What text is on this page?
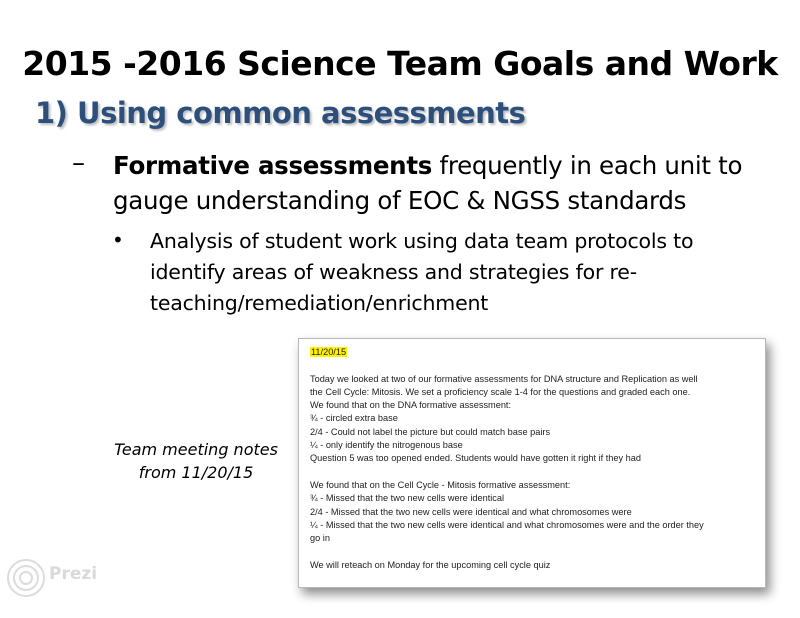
2015 -2016 Science Team Goals and Work
1) Using common assessments
– Formative assessments frequently in each unit to gauge understanding of EOC & NGSS standards
• Analysis of student work using data team protocols to identify areas of weakness and strategies for re-teaching/remediation/enrichment
Team meeting notes
from 11/20/15
11/20/15
Today we looked at two of our formative assessments for DNA structure and Replication as well
the Cell Cycle: Mitosis. We set a proficiency scale 1-4 for the questions and graded each one.
We found that on the DNA formative assessment:
¾ - circled extra base
2/4 - Could not label the picture but could match base pairs
¼ - only identify the nitrogenous base
Question 5 was too opened ended. Students would have gotten it right if they had
We found that on the Cell Cycle - Mitosis formative assessment:
¾ - Missed that the two new cells were identical
2/4 - Missed that the two new cells were identical and what chromosomes were
¼ - Missed that the two new cells were identical and what chromosomes were and the order they
go in
We will reteach on Monday for the upcoming cell cycle quiz
Prezi
